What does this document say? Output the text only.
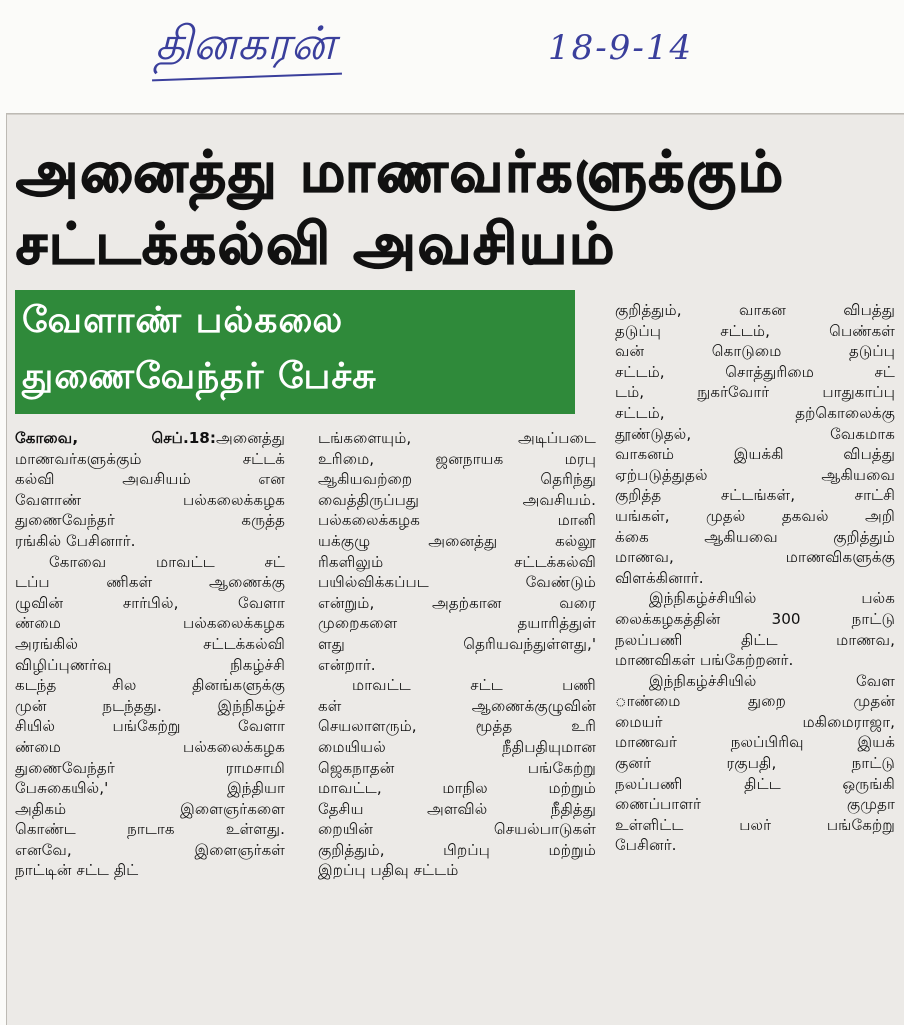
தினகரன்	18-9-14
அனைத்து மாணவர்களுக்கும்
சட்டக்கல்வி அவசியம்
வேளாண் பல்கலை
துணைவேந்தர் பேச்சு
கோவை, செப்.18:அனைத்து
மாணவர்களுக்கும் சட்டக்
கல்வி அவசியம் என
வேளாண் பல்கலைக்கழக
துணைவேந்தர் கருத்த
ரங்கில் பேசினார்.
கோவை மாவட்ட சட்
டப்ப ணிகள் ஆணைக்கு
ழுவின் சார்பில், வேளா
ண்மை பல்கலைக்கழக
அரங்கில் சட்டக்கல்வி
விழிப்புணர்வு நிகழ்ச்சி
கடந்த சில தினங்களுக்கு
முன் நடந்தது. இந்நிகழ்ச்
சியில் பங்கேற்று வேளா
ண்மை பல்கலைக்கழக
துணைவேந்தர் ராமசாமி
பேசுகையில்,' இந்தியா
அதிகம் இளைஞர்களை
கொண்ட நாடாக உள்ளது.
எனவே, இளைஞர்கள்
நாட்டின் சட்ட திட்
டங்களையும், அடிப்படை
உரிமை, ஜனநாயக மரபு
ஆகியவற்றை தெரிந்து
வைத்திருப்பது அவசியம்.
பல்கலைக்கழக மானி
யக்குழு அனைத்து கல்லூ
ரிகளிலும் சட்டக்கல்வி
பயில்விக்கப்பட வேண்டும்
என்றும், அதற்கான வரை
முறைகளை தயாரித்துள்
ளது தெரியவந்துள்ளது,'
என்றார்.
மாவட்ட சட்ட பணி
கள் ஆணைக்குழுவின்
செயலாளரும், மூத்த உரி
மையியல் நீதிபதியுமான
ஜெகநாதன் பங்கேற்று
மாவட்ட, மாநில மற்றும்
தேசிய அளவில் நீதித்து
றையின் செயல்பாடுகள்
குறித்தும், பிறப்பு மற்றும்
இறப்பு பதிவு சட்டம்
குறித்தும், வாகன விபத்து
தடுப்பு சட்டம், பெண்கள்
வன் கொடுமை தடுப்பு
சட்டம், சொத்துரிமை சட்
டம், நுகர்வோர் பாதுகாப்பு
சட்டம், தற்கொலைக்கு
தூண்டுதல், வேகமாக
வாகனம் இயக்கி விபத்து
ஏற்படுத்துதல் ஆகியவை
குறித்த சட்டங்கள், சாட்சி
யங்கள், முதல் தகவல் அறி
க்கை ஆகியவை குறித்தும்
மாணவ, மாணவிகளுக்கு
விளக்கினார்.
இந்நிகழ்ச்சியில் பல்க
லைக்கழகத்தின் 300 நாட்டு
நலப்பணி திட்ட மாணவ,
மாணவிகள் பங்கேற்றனர்.
இந்நிகழ்ச்சியில் வேள
ாண்மை துறை முதன்
மையர் மகிமைராஜா,
மாணவர் நலப்பிரிவு இயக்
குனர் ரகுபதி, நாட்டு
நலப்பணி திட்ட ஒருங்கி
ணைப்பாளர் குமுதா
உள்ளிட்ட பலர் பங்கேற்று
பேசினர்.
